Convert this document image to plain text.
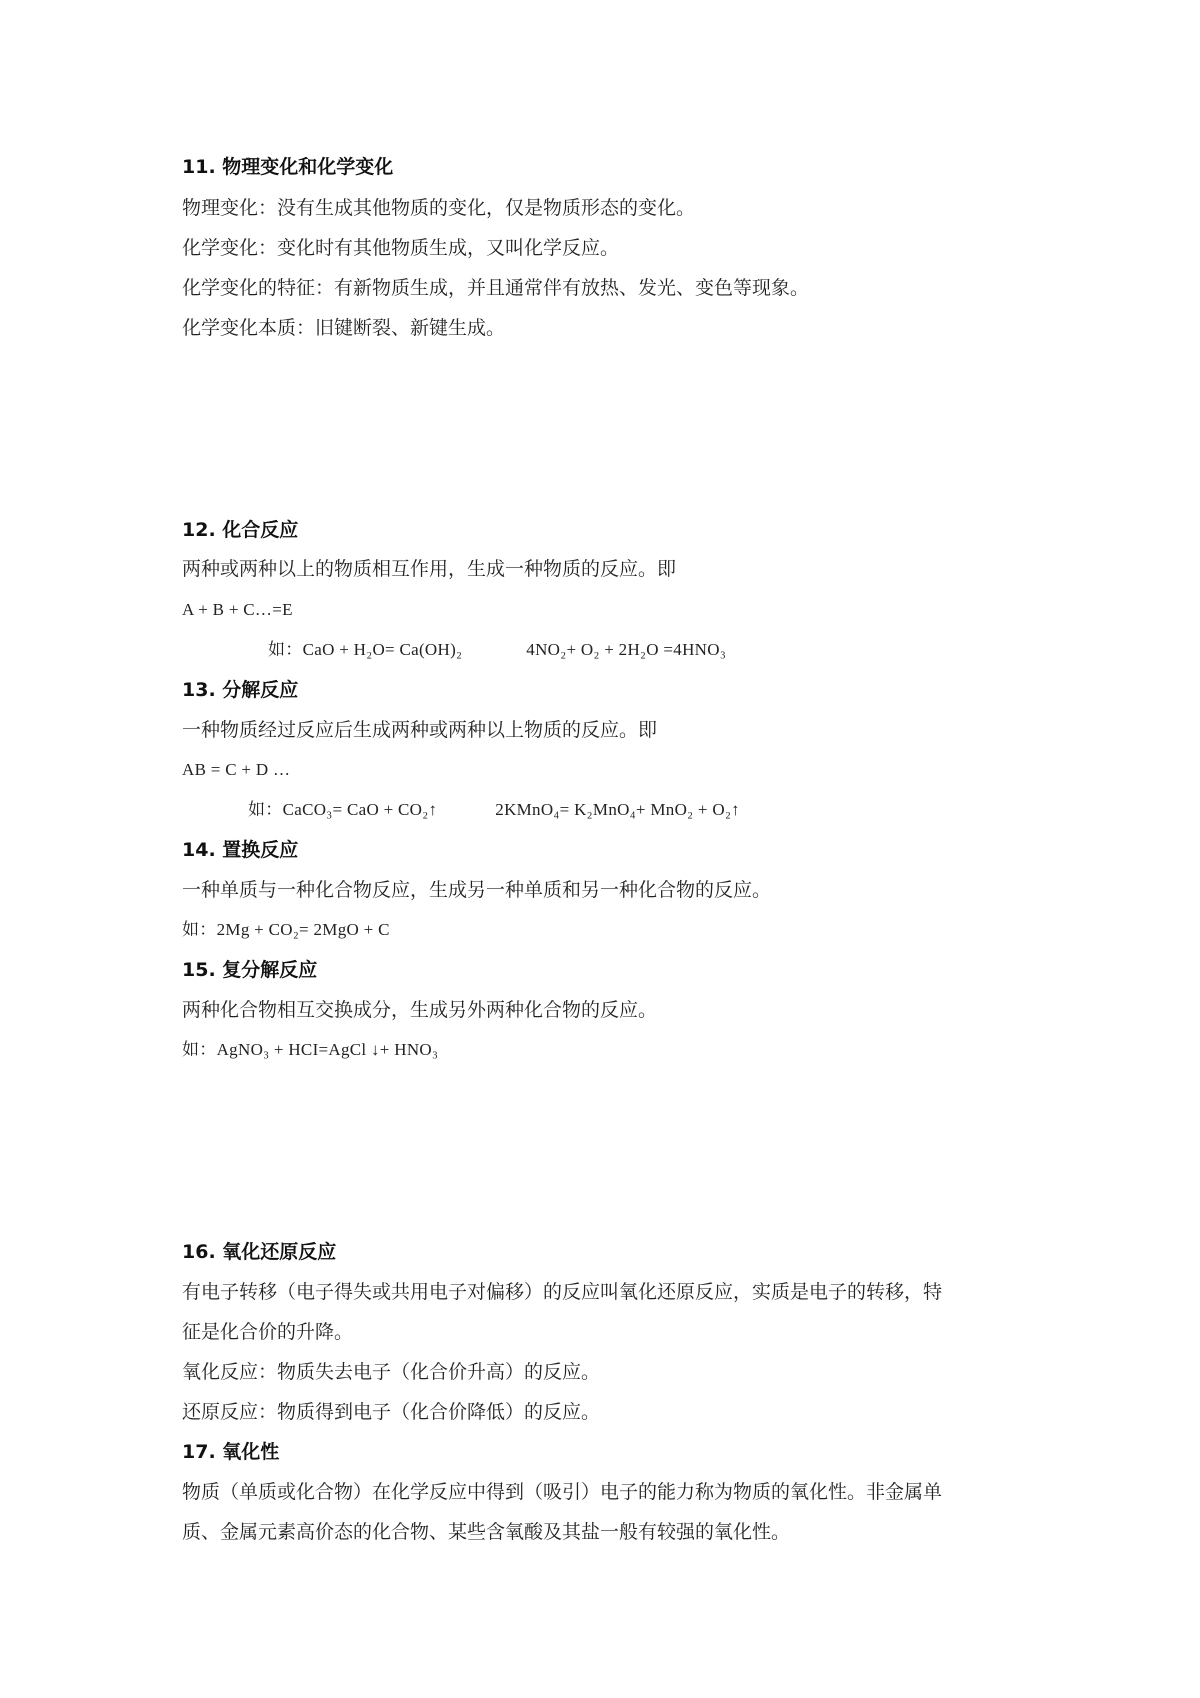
11. 物理变化和化学变化
物理变化：没有生成其他物质的变化，仅是物质形态的变化。
化学变化：变化时有其他物质生成，又叫化学反应。
化学变化的特征：有新物质生成，并且通常伴有放热、发光、变色等现象。
化学变化本质：旧键断裂、新键生成。
12. 化合反应
两种或两种以上的物质相互作用，生成一种物质的反应。即
A + B + C…=E
如：CaO + H₂O= Ca(OH)₂	4NO₂+ O₂ + 2H₂O =4HNO₃
13. 分解反应
一种物质经过反应后生成两种或两种以上物质的反应。即
AB = C + D …
如：CaCO₃= CaO + CO₂↑	2KMnO₄= K₂MnO₄+ MnO₂ + O₂↑
14. 置换反应
一种单质与一种化合物反应，生成另一种单质和另一种化合物的反应。
如：2Mg + CO₂= 2MgO + C
15. 复分解反应
两种化合物相互交换成分，生成另外两种化合物的反应。
如：AgNO₃ + HCI=AgCl ↓+ HNO₃
16. 氧化还原反应
有电子转移（电子得失或共用电子对偏移）的反应叫氧化还原反应，实质是电子的转移，特
征是化合价的升降。
氧化反应：物质失去电子（化合价升高）的反应。
还原反应：物质得到电子（化合价降低）的反应。
17. 氧化性
物质（单质或化合物）在化学反应中得到（吸引）电子的能力称为物质的氧化性。非金属单
质、金属元素高价态的化合物、某些含氧酸及其盐一般有较强的氧化性。
